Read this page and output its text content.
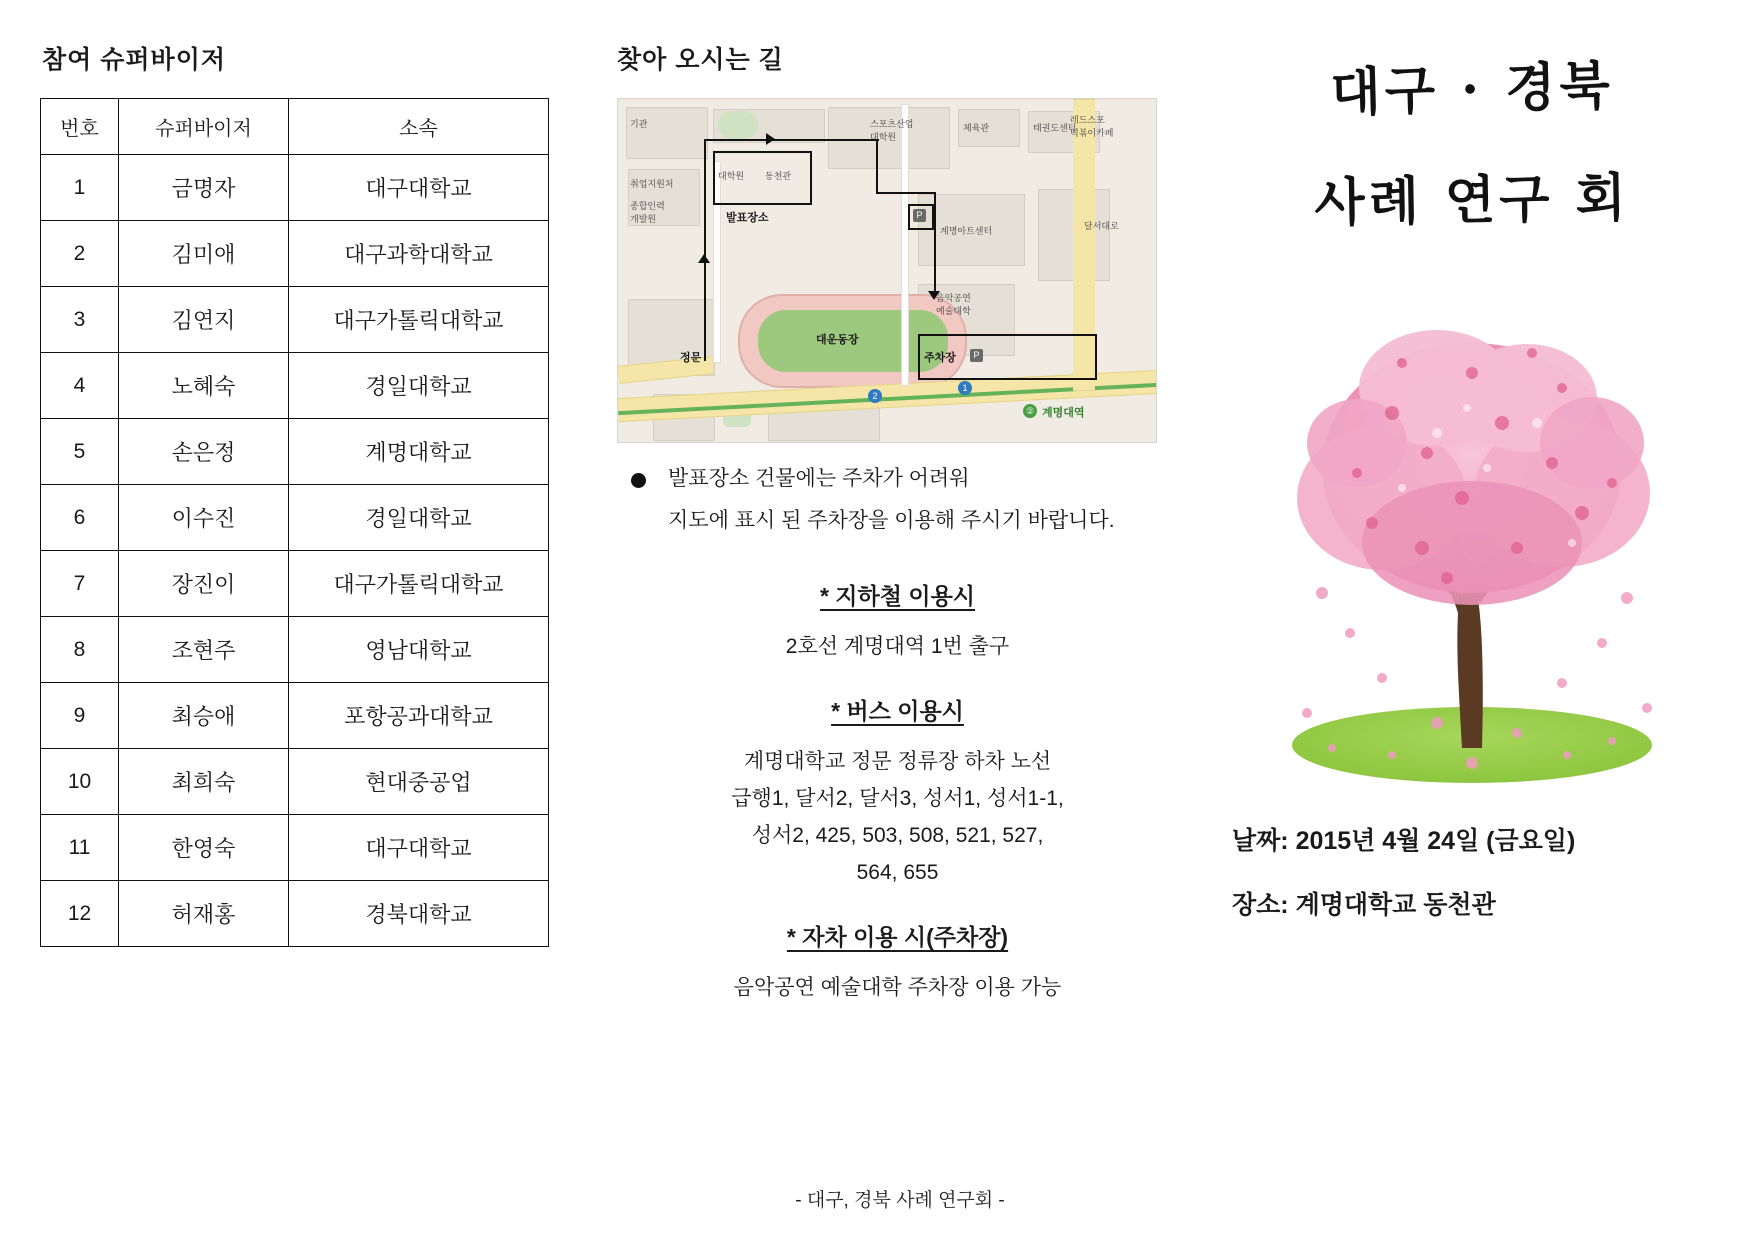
참여 슈퍼바이저
번호	슈퍼바이저	소속
1	금명자	대구대학교
2	김미애	대구과학대학교
3	김연지	대구가톨릭대학교
4	노혜숙	경일대학교
5	손은정	계명대학교
6	이수진	경일대학교
7	장진이	대구가톨릭대학교
8	조현주	영남대학교
9	최승애	포항공과대학교
10	최희숙	현대중공업
11	한영숙	대구대학교
12	허재홍	경북대학교
찾아 오시는 길
대운동장
대학원 동천관
발표장소	P
주차장	P
스포츠산업
대학원
체육관	태권도센터
계명아트센터
음악공연
예술대학
기관
취업지원처
종합인력
개발원
레드스포
떡볶이카페
달서대로
정문
② 계명대역
1
2

발표장소 건물에는 주차가 어려워

지도에 표시 된 주차장을 이용해 주시기 바랍니다.

* 지하철 이용시
2호선 계명대역 1번 출구
* 버스 이용시
계명대학교 정문 정류장 하차 노선
급행1, 달서2, 달서3, 성서1, 성서1-1,
성서2, 425, 503, 508, 521, 527,
564, 655
* 자차 이용 시(주차장)
음악공연 예술대학 주차장 이용 가능
- 대구, 경북 사례 연구회 -
대구 · 경북
사례 연구 회
날짜: 2015년 4월 24일 (금요일)
장소: 계명대학교 동천관
